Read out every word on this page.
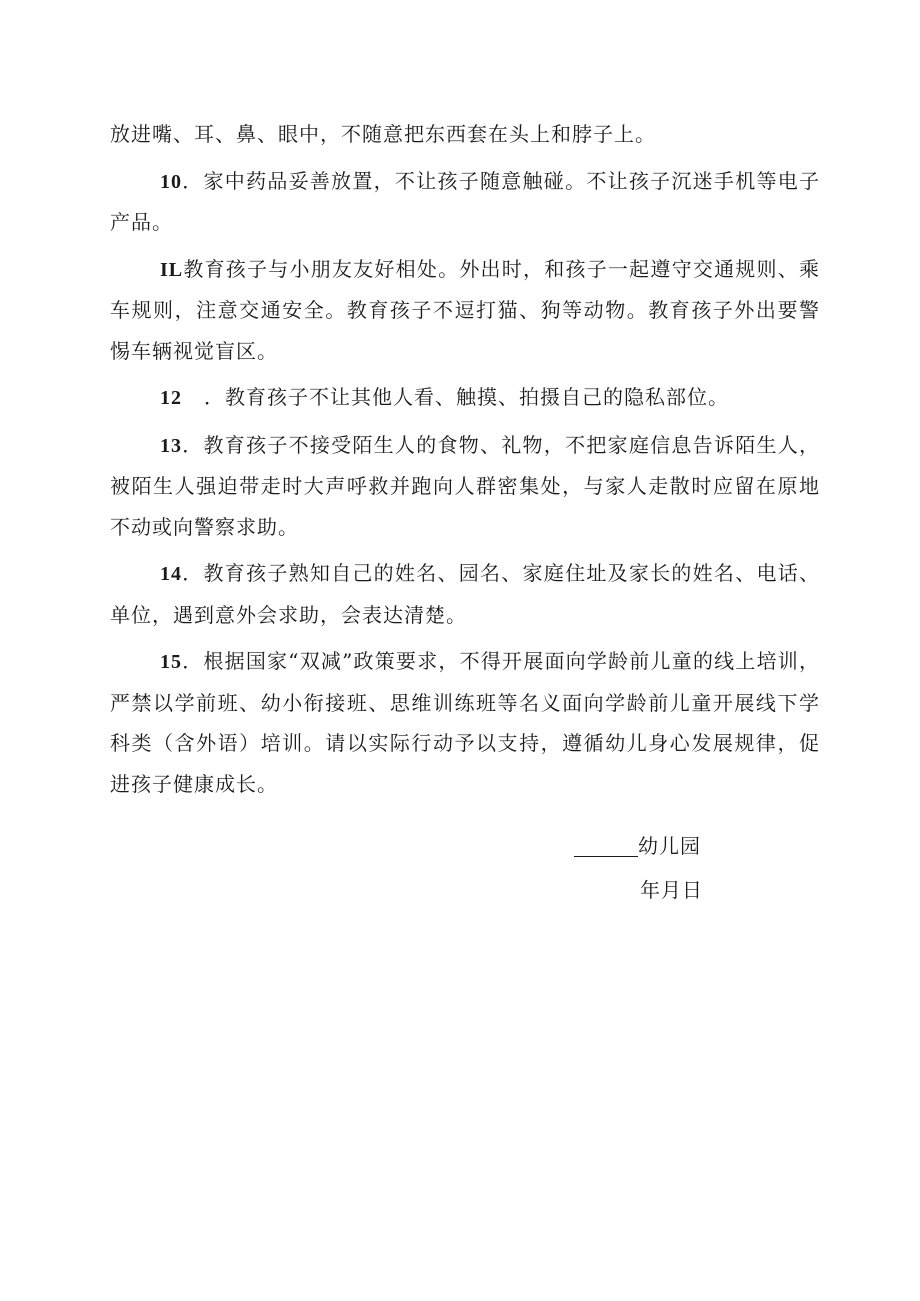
放进嘴、耳、鼻、眼中，不随意把东西套在头上和脖子上。

10．家中药品妥善放置，不让孩子随意触碰。不让孩子沉迷手机等电子产品。

IL教育孩子与小朋友友好相处。外出时，和孩子一起遵守交通规则、乘车规则，注意交通安全。教育孩子不逗打猫、狗等动物。教育孩子外出要警惕车辆视觉盲区。

12 ．教育孩子不让其他人看、触摸、拍摄自己的隐私部位。

13．教育孩子不接受陌生人的食物、礼物，不把家庭信息告诉陌生人，被陌生人强迫带走时大声呼救并跑向人群密集处，与家人走散时应留在原地不动或向警察求助。

14．教育孩子熟知自己的姓名、园名、家庭住址及家长的姓名、电话、单位，遇到意外会求助，会表达清楚。

15．根据国家“双减”政策要求，不得开展面向学龄前儿童的线上培训，严禁以学前班、幼小衔接班、思维训练班等名义面向学龄前儿童开展线下学科类（含外语）培训。请以实际行动予以支持，遵循幼儿身心发展规律，促进孩子健康成长。

幼儿园
年月日
